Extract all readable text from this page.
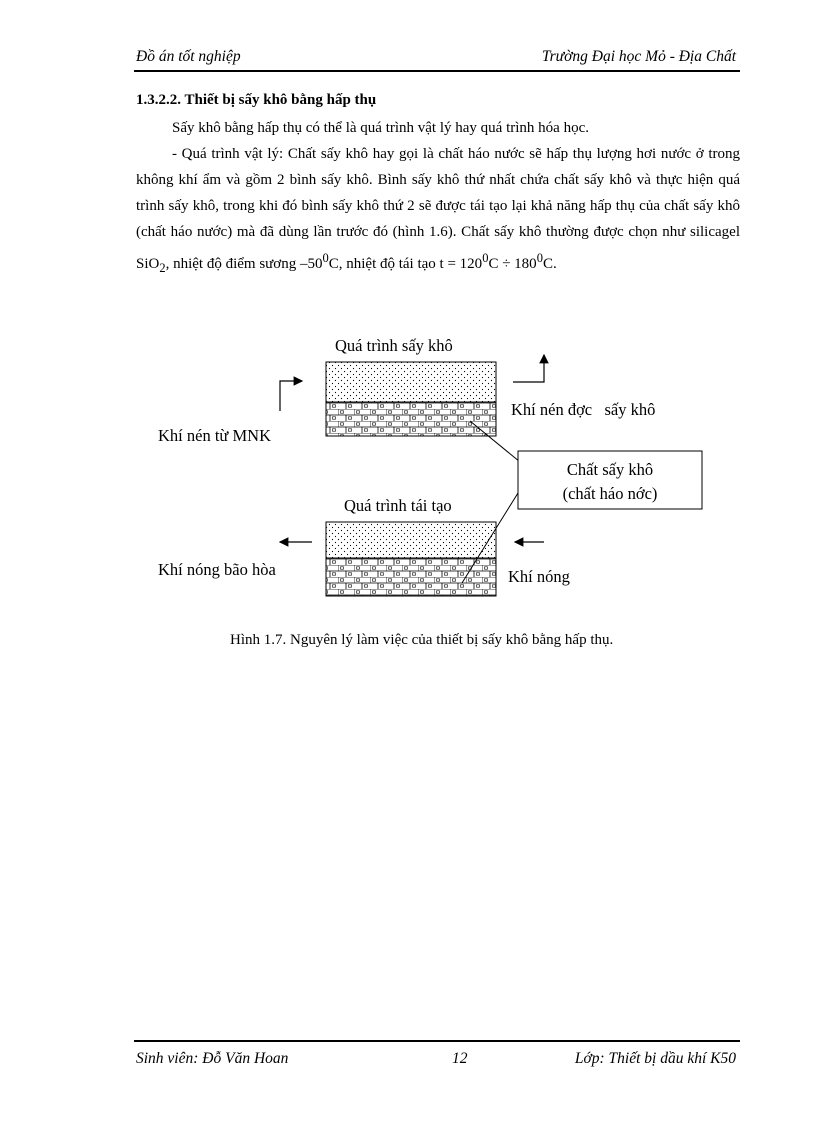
Đồ án tốt nghiệp	Trường Đại học Mỏ - Địa Chất

1.3.2.2. Thiết bị sấy khô bằng hấp thụ

Sấy khô bằng hấp thụ có thể là quá trình vật lý hay quá trình hóa học.

- Quá trình vật lý: Chất sấy khô hay gọi là chất háo nước sẽ hấp thụ lượng hơi nước ở trong không khí ẩm và gồm 2 bình sấy khô. Bình sấy khô thứ nhất chứa chất sấy khô và thực hiện quá trình sấy khô, trong khi đó bình sấy khô thứ 2 sẽ được tái tạo lại khả năng hấp thụ của chất sấy khô (chất háo nước) mà đã dùng lần trước đó (hình 1.6). Chất sấy khô thường được chọn như silicagel SiO$_2$, nhiệt độ điểm sương $-50^0C$, nhiệt độ tái tạo $t = 120^0C \div 180^0C$.

Quá trình sấy khô
Khí nén từ MNK
Khí nén đợc   sấy khô
Chất sấy khô
(chất háo nớc)
Quá trình tái tạo
Khí nóng bão hòa	Khí nóng
Hình 1.7. Nguyên lý làm việc của thiết bị sấy khô bằng hấp thụ.
Sinh viên: Đỗ Văn Hoan	12	Lớp: Thiết bị dầu khí K50
